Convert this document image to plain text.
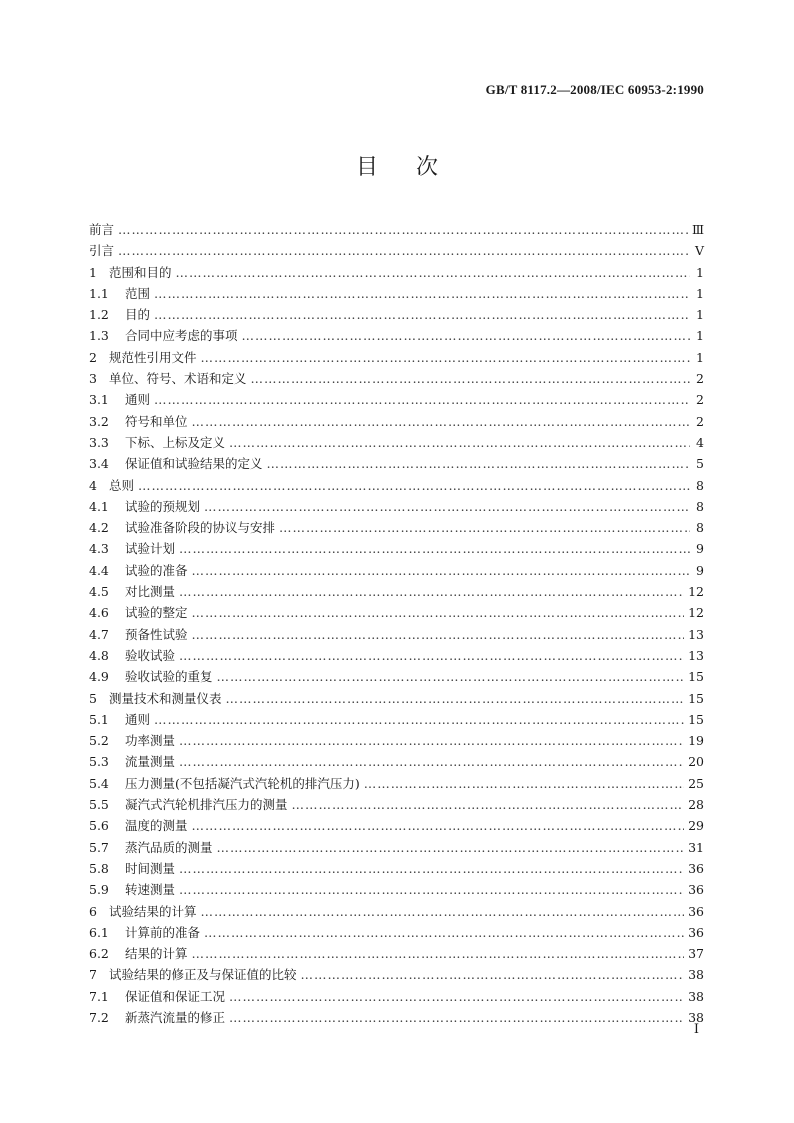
GB/T 8117.2—2008/IEC 60953-2:1990
目次
前言 …………………………………………………………………………………………………………………………………………………………………………………………………………………………	Ⅲ
引言 …………………………………………………………………………………………………………………………………………………………………………………………………………………………	Ⅴ
1 范围和目的 …………………………………………………………………………………………………………………………………………………………………………………………………………………………	1
1.1	范围 …………………………………………………………………………………………………………………………………………………………………………………………………………………………	1
1.2	目的 …………………………………………………………………………………………………………………………………………………………………………………………………………………………	1
1.3	合同中应考虑的事项 …………………………………………………………………………………………………………………………………………………………………………………………………………………………	1
2 规范性引用文件 …………………………………………………………………………………………………………………………………………………………………………………………………………………………	1
3 单位、符号、术语和定义 …………………………………………………………………………………………………………………………………………………………………………………………………………………………	2
3.1	通则 …………………………………………………………………………………………………………………………………………………………………………………………………………………………	2
3.2	符号和单位 …………………………………………………………………………………………………………………………………………………………………………………………………………………………	2
3.3	下标、上标及定义 …………………………………………………………………………………………………………………………………………………………………………………………………………………………	4
3.4	保证值和试验结果的定义 …………………………………………………………………………………………………………………………………………………………………………………………………………………………	5
4 总则 …………………………………………………………………………………………………………………………………………………………………………………………………………………………	8
4.1	试验的预规划 …………………………………………………………………………………………………………………………………………………………………………………………………………………………	8
4.2	试验准备阶段的协议与安排 …………………………………………………………………………………………………………………………………………………………………………………………………………………………	8
4.3	试验计划 …………………………………………………………………………………………………………………………………………………………………………………………………………………………	9
4.4	试验的准备 …………………………………………………………………………………………………………………………………………………………………………………………………………………………	9
4.5	对比测量 …………………………………………………………………………………………………………………………………………………………………………………………………………………………	12
4.6	试验的整定 …………………………………………………………………………………………………………………………………………………………………………………………………………………………	12
4.7	预备性试验 …………………………………………………………………………………………………………………………………………………………………………………………………………………………	13
4.8	验收试验 …………………………………………………………………………………………………………………………………………………………………………………………………………………………	13
4.9	验收试验的重复 …………………………………………………………………………………………………………………………………………………………………………………………………………………………	15
5 测量技术和测量仪表 …………………………………………………………………………………………………………………………………………………………………………………………………………………………	15
5.1	通则 …………………………………………………………………………………………………………………………………………………………………………………………………………………………	15
5.2	功率测量 …………………………………………………………………………………………………………………………………………………………………………………………………………………………	19
5.3	流量测量 …………………………………………………………………………………………………………………………………………………………………………………………………………………………	20
5.4	压力测量(不包括凝汽式汽轮机的排汽压力) …………………………………………………………………………………………………………………………………………………………………………………………………………………………	25
5.5	凝汽式汽轮机排汽压力的测量 …………………………………………………………………………………………………………………………………………………………………………………………………………………………	28
5.6	温度的测量 …………………………………………………………………………………………………………………………………………………………………………………………………………………………	29
5.7	蒸汽品质的测量 …………………………………………………………………………………………………………………………………………………………………………………………………………………………	31
5.8	时间测量 …………………………………………………………………………………………………………………………………………………………………………………………………………………………	36
5.9	转速测量 …………………………………………………………………………………………………………………………………………………………………………………………………………………………	36
6 试验结果的计算 …………………………………………………………………………………………………………………………………………………………………………………………………………………………	36
6.1	计算前的准备 …………………………………………………………………………………………………………………………………………………………………………………………………………………………	36
6.2	结果的计算 …………………………………………………………………………………………………………………………………………………………………………………………………………………………	37
7 试验结果的修正及与保证值的比较 …………………………………………………………………………………………………………………………………………………………………………………………………………………………	38
7.1	保证值和保证工况 …………………………………………………………………………………………………………………………………………………………………………………………………………………………	38
7.2	新蒸汽流量的修正 …………………………………………………………………………………………………………………………………………………………………………………………………………………………	38
I
